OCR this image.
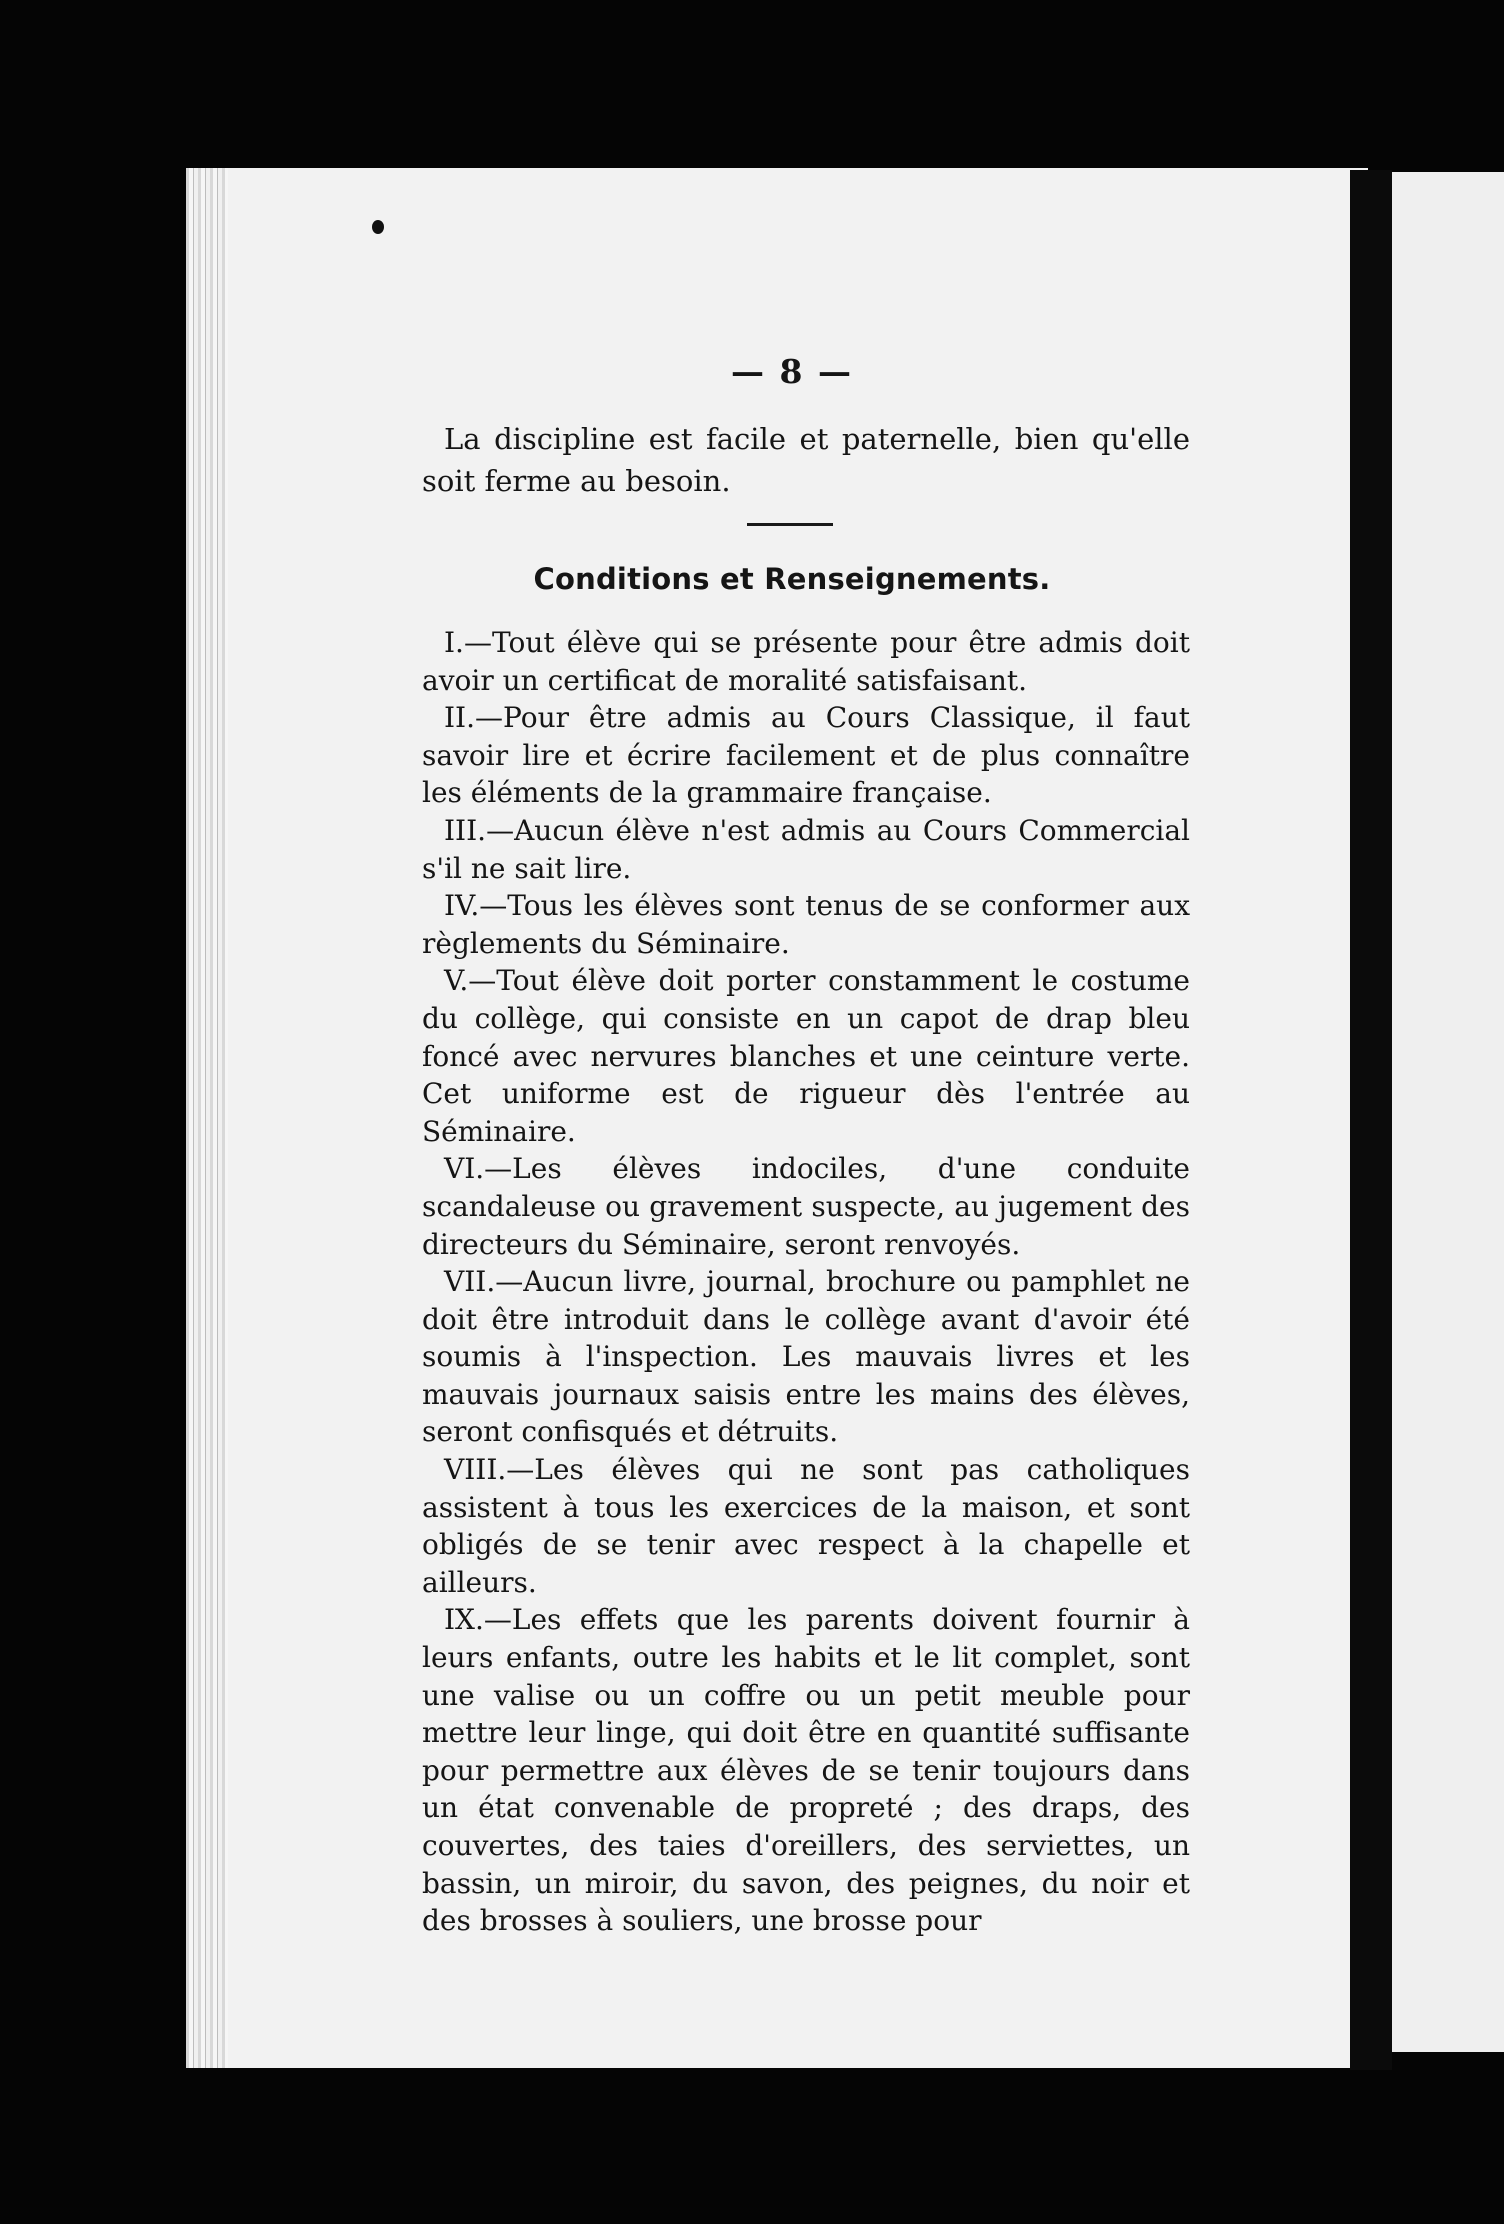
— 8 —

La discipline est facile et paternelle, bien qu'elle soit ferme au besoin.

Conditions et Renseignements.
I.—Tout élève qui se présente pour être admis doit avoir un certificat de moralité satisfaisant.
II.—Pour être admis au Cours Classique, il faut savoir lire et écrire facilement et de plus connaître les éléments de la grammaire française.
III.—Aucun élève n'est admis au Cours Commercial s'il ne sait lire.
IV.—Tous les élèves sont tenus de se conformer aux règlements du Séminaire.
V.—Tout élève doit porter constamment le costume du collège, qui consiste en un capot de drap bleu foncé avec nervures blanches et une ceinture verte. Cet uniforme est de rigueur dès l'entrée au Séminaire.
VI.—Les élèves indociles, d'une conduite scandaleuse ou gravement suspecte, au jugement des directeurs du Séminaire, seront renvoyés.
VII.—Aucun livre, journal, brochure ou pamphlet ne doit être introduit dans le collège avant d'avoir été soumis à l'inspection. Les mauvais livres et les mauvais journaux saisis entre les mains des élèves, seront confisqués et détruits.
VIII.—Les élèves qui ne sont pas catholiques assistent à tous les exercices de la maison, et sont obligés de se tenir avec respect à la chapelle et ailleurs.
IX.—Les effets que les parents doivent fournir à leurs enfants, outre les habits et le lit complet, sont une valise ou un coffre ou un petit meuble pour mettre leur linge, qui doit être en quantité suffisante pour permettre aux élèves de se tenir toujours dans un état convenable de propreté ; des draps, des couvertes, des taies d'oreillers, des serviettes, un bassin, un miroir, du savon, des peignes, du noir et des brosses à souliers, une brosse pour
